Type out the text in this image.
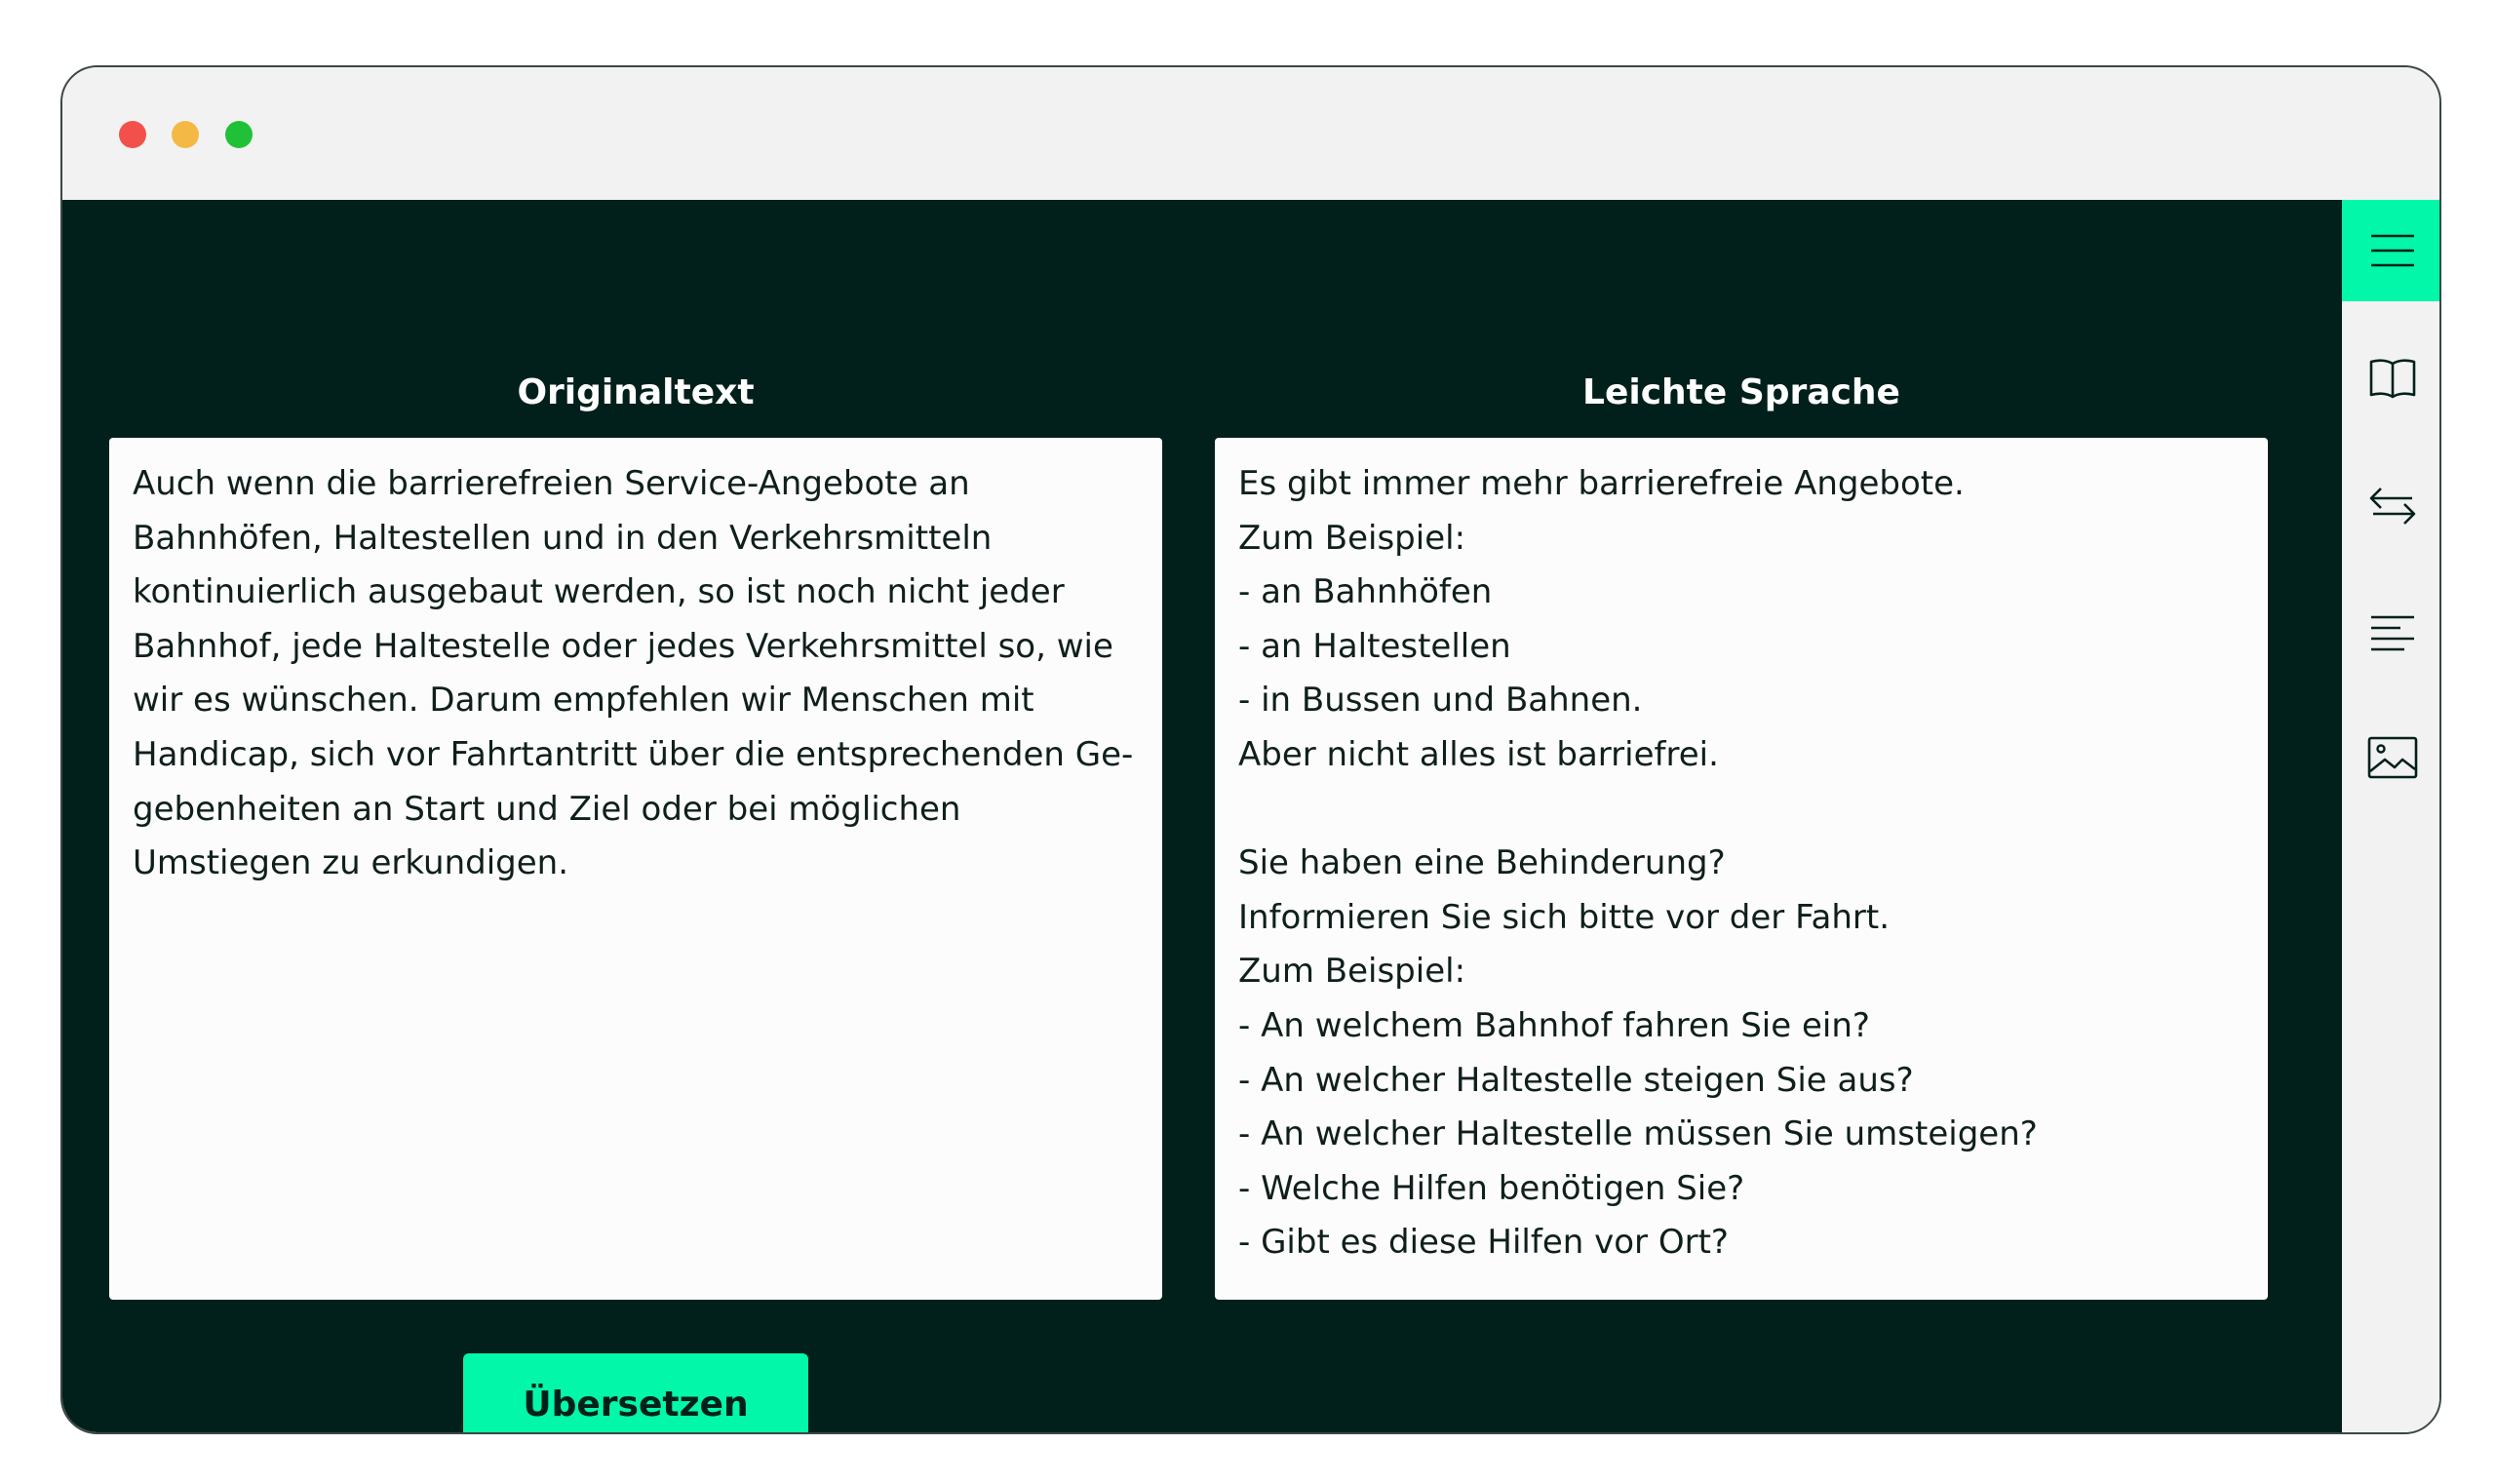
Originaltext
Auch wenn die barrierefreien Service-Angebote an
Bahnhöfen, Haltestellen und in den Verkehrsmitteln
kontinuierlich ausgebaut werden, so ist noch nicht jeder
Bahnhof, jede Haltestelle oder jedes Verkehrsmittel so, wie
wir es wünschen. Darum empfehlen wir Menschen mit
Handicap, sich vor Fahrtantritt über die entsprechenden Ge-
gebenheiten an Start und Ziel oder bei möglichen
Umstiegen zu erkundigen.
Leichte Sprache
Es gibt immer mehr barrierefreie Angebote.
Zum Beispiel:
- an Bahnhöfen
- an Haltestellen
- in Bussen und Bahnen.
Aber nicht alles ist barriefrei.

Sie haben eine Behinderung?
Informieren Sie sich bitte vor der Fahrt.
Zum Beispiel:
- An welchem Bahnhof fahren Sie ein?
- An welcher Haltestelle steigen Sie aus?
- An welcher Haltestelle müssen Sie umsteigen?
- Welche Hilfen benötigen Sie?
- Gibt es diese Hilfen vor Ort?
Übersetzen
